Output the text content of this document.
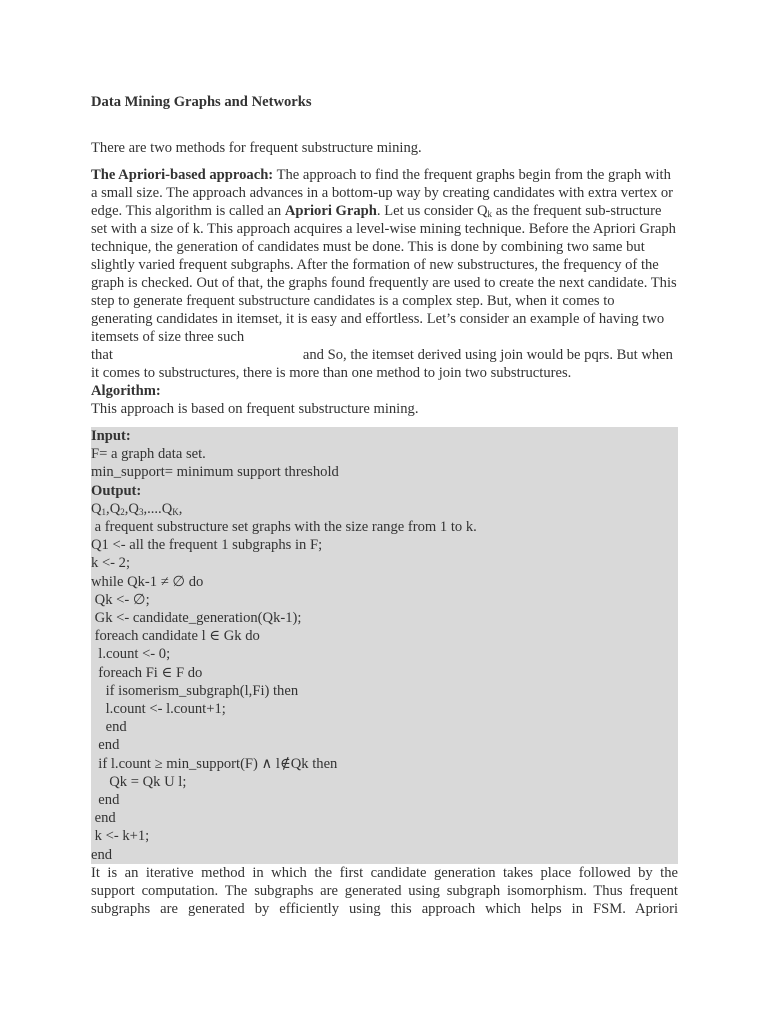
Data Mining Graphs and Networks

There are two methods for frequent substructure mining.

The Apriori-based approach: The approach to find the frequent graphs begin from the graph with a small size. The approach advances in a bottom-up way by creating candidates with extra vertex or edge. This algorithm is called an Apriori Graph. Let us consider $Q_k$ as the frequent sub-structure set with a size of k. This approach acquires a level-wise mining technique. Before the Apriori Graph technique, the generation of candidates must be done. This is done by combining two same but slightly varied frequent subgraphs. After the formation of new substructures, the frequency of the graph is checked. Out of that, the graphs found frequently are used to create the next candidate. This step to generate frequent substructure candidates is a complex step. But, when it comes to generating candidates in itemset, it is easy and effortless. Let’s consider an example of having two itemsets of size three such

that	and So, the itemset derived using join would be pqrs. But when it comes to substructures, there is more than one method to join two substructures.

Algorithm:
This approach is based on frequent substructure mining.
Input:
F= a graph data set.
min_support= minimum support threshold
Output:
$Q_1,Q_2,Q_3,....Q_K$,
a frequent substructure set graphs with the size range from 1 to k.
Q1 <- all the frequent 1 subgraphs in F;
k <- 2;
while Qk-1 ≠ ∅ do
Qk <- ∅;
Gk <- candidate_generation(Qk-1);
foreach candidate l ∈ Gk do
l.count <- 0;
foreach Fi ∈ F do
if isomerism_subgraph(l,Fi) then
l.count <- l.count+1;
end
end
if l.count ≥ min_support(F) ∧ l∉Qk then
Qk = Qk U l;
end
end
k <- k+1;
end
It is an iterative method in which the first candidate generation takes place followed by the
support computation. The subgraphs are generated using subgraph isomorphism. Thus frequent
subgraphs are generated by efficiently using this approach which helps in FSM. Apriori
